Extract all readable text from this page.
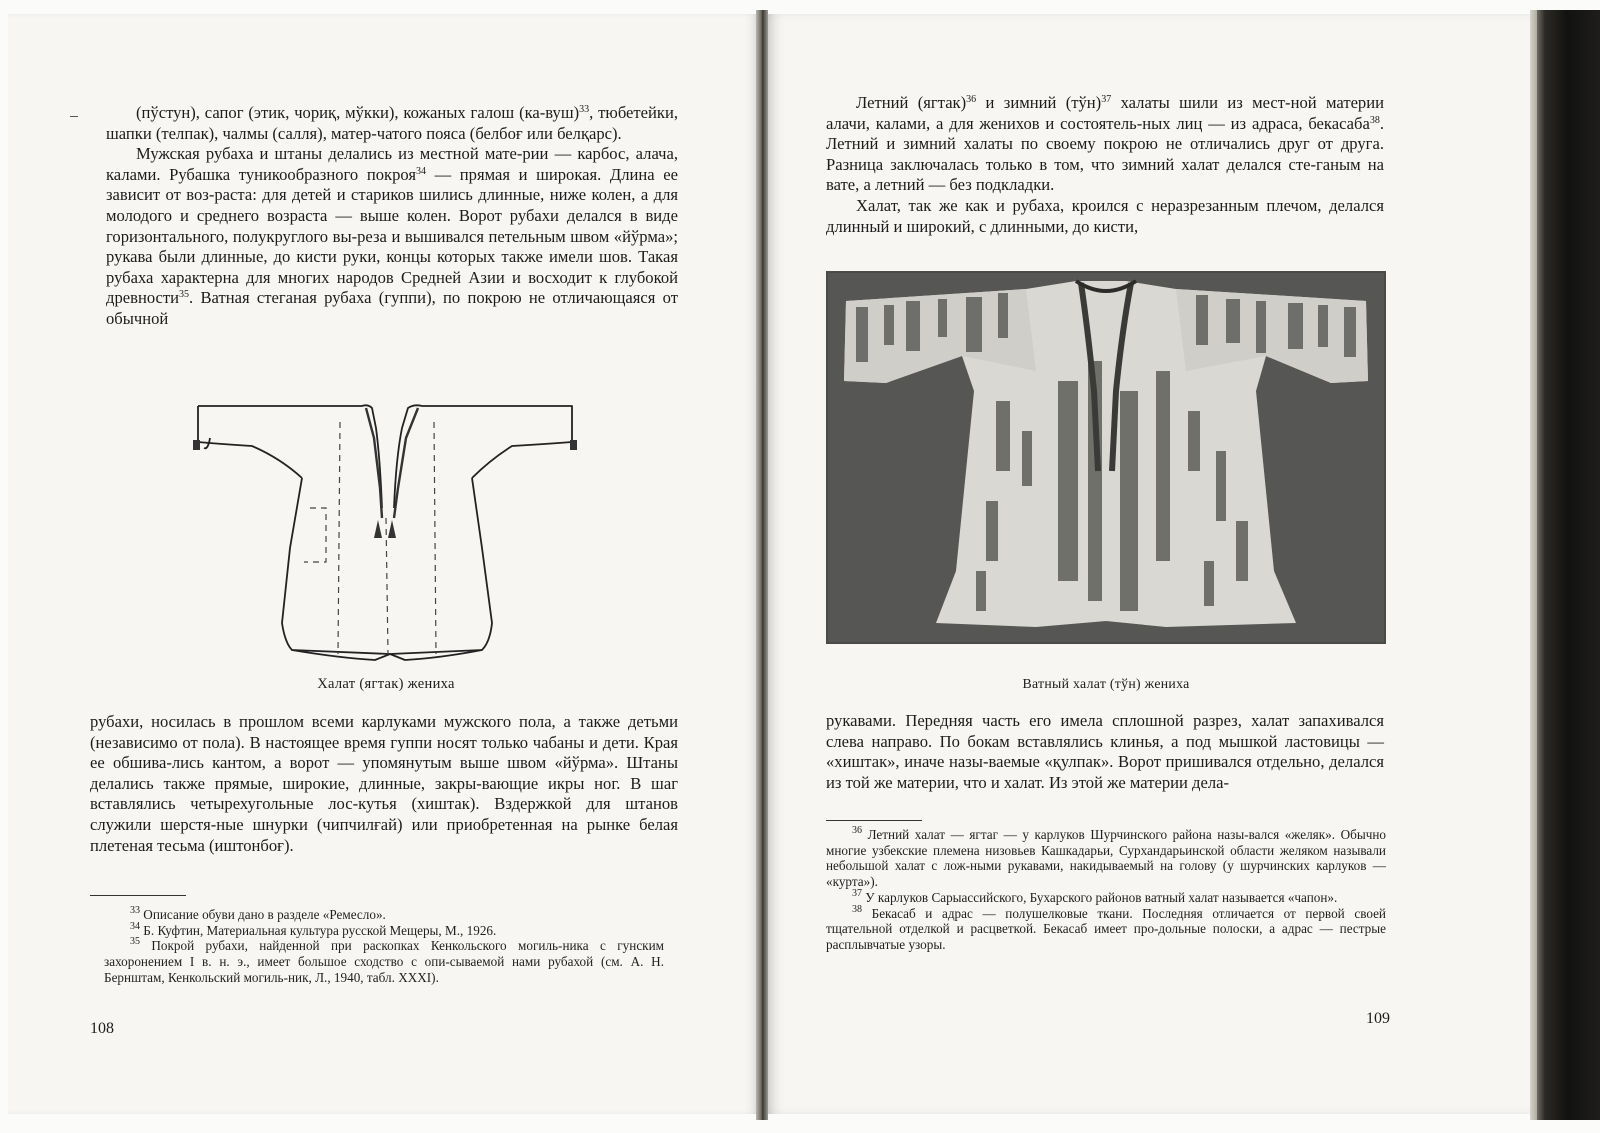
(пўстун), сапог (этик, чориқ, мўкки), кожаных галош $(ка-вуш)^{33}$, тюбетейки, шапки (телпак), чалмы (салля), матер-чатого пояса (белбоғ или белқарс).

Мужская рубаха и штаны делались из местной мате-рии — карбос, алача, калами. Рубашка туникообразного покроя$^{34}$ — прямая и широкая. Длина ее зависит от воз-раста: для детей и стариков шились длинные, ниже колен, а для молодого и среднего возраста — выше колен. Ворот рубахи делался в виде горизонтального, полукруглого вы-реза и вышивался петельным швом «йўрма»; рукава были длинные, до кисти руки, концы которых также имели шов. Такая рубаха характерна для многих народов Средней Азии и восходит к глубокой древности$^{35}$. Ватная стеганая рубаха (гуппи), по покрою не отличающаяся от обычной

Халат (ягтак) жениха

рубахи, носилась в прошлом всеми карлуками мужского пола, а также детьми (независимо от пола). В настоящее время гуппи носят только чабаны и дети. Края ее обшива-лись кантом, а ворот — упомянутым выше швом «йўрма». Штаны делались также прямые, широкие, длинные, закры-вающие икры ног. В шаг вставлялись четырехугольные лос-кутья (хиштак). Вздержкой для штанов служили шерстя-ные шнурки (чипчилғай) или приобретенная на рынке белая плетеная тесьма (иштонбоғ).

$^{33}$ Описание обуви дано в разделе «Ремесло».

$^{34}$ Б. Куфтин, Материальная культура русской Мещеры, М., 1926.

$^{35}$ Покрой рубахи, найденной при раскопках Кенкольского могиль-ника с гунским захоронением I в. н. э., имеет большое сходство с опи-сываемой нами рубахой (см. А. Н. Бернштам, Кенкольский могиль-ник, Л., 1940, табл. XXXI).

108

Летний (ягтак)$^{36}$ и зимний (тўн)$^{37}$ халаты шили из мест-ной материи алачи, калами, а для женихов и состоятель-ных лиц — из адраса, бекасаба$^{38}$. Летний и зимний халаты по своему покрою не отличались друг от друга. Разница заключалась только в том, что зимний халат делался сте-ганым на вате, а летний — без подкладки.

Халат, так же как и рубаха, кроился с неразрезанным плечом, делался длинный и широкий, с длинными, до кисти,

Ватный халат (тўн) жениха

рукавами. Передняя часть его имела сплошной разрез, халат запахивался слева направо. По бокам вставлялись клинья, а под мышкой ластовицы — «хиштак», иначе назы-ваемые «қулпак». Ворот пришивался отдельно, делался из той же материи, что и халат. Из этой же материи дела-

$^{36}$ Летний халат — ягтаг — у карлуков Шурчинского района назы-вался «желяк». Обычно многие узбекские племена низовьев Кашкадарьи, Сурхандарьинской области желяком называли небольшой халат с лож-ными рукавами, накидываемый на голову (у шурчинских карлуков — «курта»).

$^{37}$ У карлуков Сарыассийского, Бухарского районов ватный халат называется «чапон».

$^{38}$ Бекасаб и адрас — полушелковые ткани. Последняя отличается от первой своей тщательной отделкой и расцветкой. Бекасаб имеет про-дольные полоски, а адрас — пестрые расплывчатые узоры.

109
